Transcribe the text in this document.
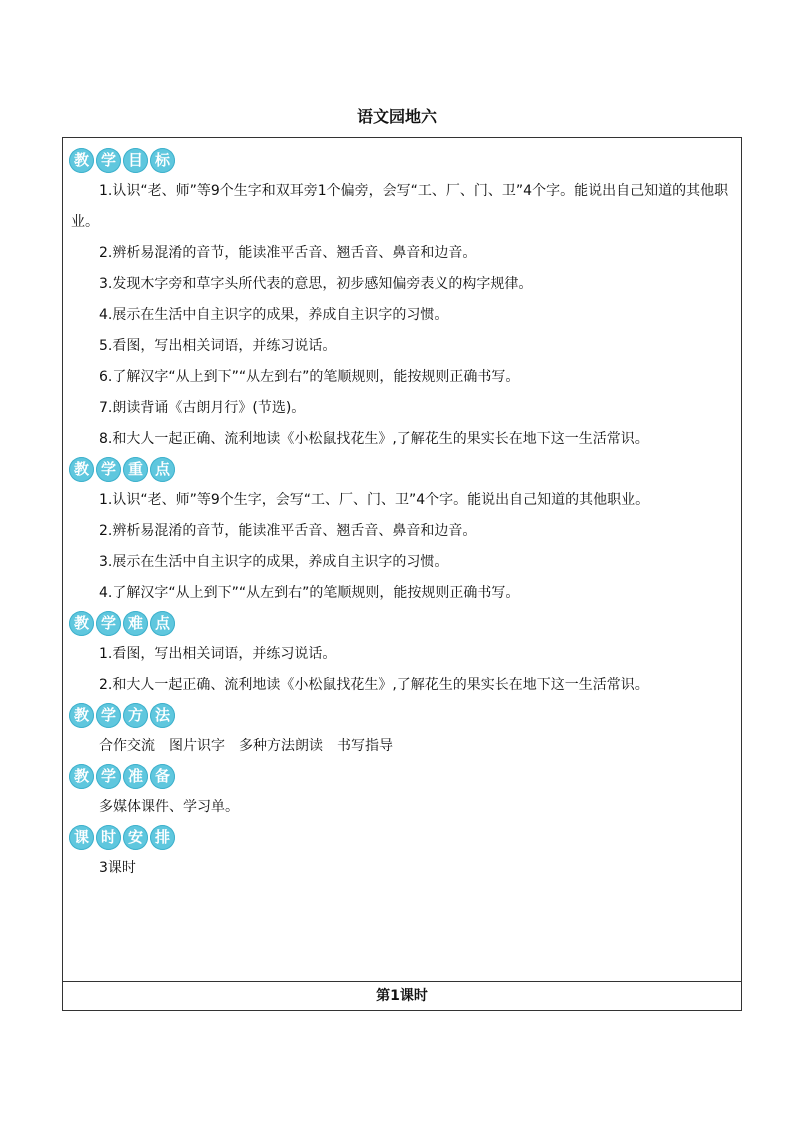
语文园地六
教 学 目 标

1.认识“老、师”等9个生字和双耳旁1个偏旁，会写“工、厂、门、卫”4个字。能说出自己知道的其他职业。

2.辨析易混淆的音节，能读准平舌音、翘舌音、鼻音和边音。

3.发现木字旁和草字头所代表的意思，初步感知偏旁表义的构字规律。

4.展示在生活中自主识字的成果，养成自主识字的习惯。

5.看图，写出相关词语，并练习说话。

6.了解汉字“从上到下”“从左到右”的笔顺规则，能按规则正确书写。

7.朗读背诵《古朗月行》(节选)。

8.和大人一起正确、流利地读《小松鼠找花生》,了解花生的果实长在地下这一生活常识。

教 学 重 点

1.认识“老、师”等9个生字，会写“工、厂、门、卫”4个字。能说出自己知道的其他职业。

2.辨析易混淆的音节，能读准平舌音、翘舌音、鼻音和边音。

3.展示在生活中自主识字的成果，养成自主识字的习惯。

4.了解汉字“从上到下”“从左到右”的笔顺规则，能按规则正确书写。

教 学 难 点

1.看图，写出相关词语，并练习说话。

2.和大人一起正确、流利地读《小松鼠找花生》,了解花生的果实长在地下这一生活常识。

教 学 方 法

合作交流　图片识字　多种方法朗读　书写指导

教 学 准 备

多媒体课件、学习单。

课 时 安 排

3课时

第1课时
